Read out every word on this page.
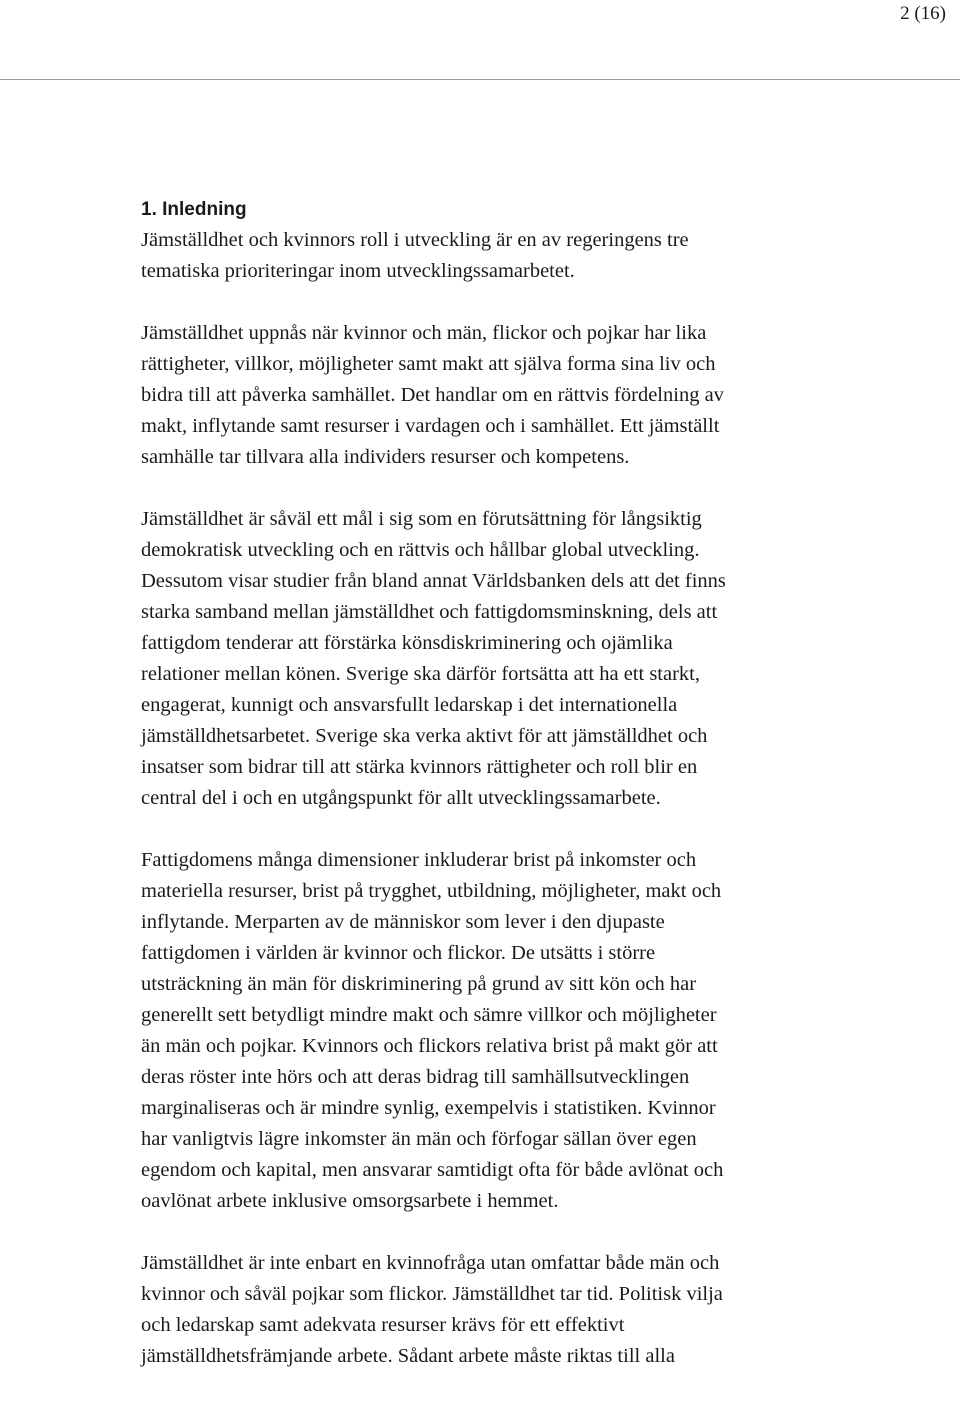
2 (16)
1. Inledning

Jämställdhet och kvinnors roll i utveckling är en av regeringens tre
tematiska prioriteringar inom utvecklingssamarbetet.

Jämställdhet uppnås när kvinnor och män, flickor och pojkar har lika
rättigheter, villkor, möjligheter samt makt att själva forma sina liv och
bidra till att påverka samhället. Det handlar om en rättvis fördelning av
makt, inflytande samt resurser i vardagen och i samhället. Ett jämställt
samhälle tar tillvara alla individers resurser och kompetens.

Jämställdhet är såväl ett mål i sig som en förutsättning för långsiktig
demokratisk utveckling och en rättvis och hållbar global utveckling.
Dessutom visar studier från bland annat Världsbanken dels att det finns
starka samband mellan jämställdhet och fattigdomsminskning, dels att
fattigdom tenderar att förstärka könsdiskriminering och ojämlika
relationer mellan könen. Sverige ska därför fortsätta att ha ett starkt,
engagerat, kunnigt och ansvarsfullt ledarskap i det internationella
jämställdhetsarbetet. Sverige ska verka aktivt för att jämställdhet och
insatser som bidrar till att stärka kvinnors rättigheter och roll blir en
central del i och en utgångspunkt för allt utvecklingssamarbete.

Fattigdomens många dimensioner inkluderar brist på inkomster och
materiella resurser, brist på trygghet, utbildning, möjligheter, makt och
inflytande. Merparten av de människor som lever i den djupaste
fattigdomen i världen är kvinnor och flickor. De utsätts i större
utsträckning än män för diskriminering på grund av sitt kön och har
generellt sett betydligt mindre makt och sämre villkor och möjligheter
än män och pojkar. Kvinnors och flickors relativa brist på makt gör att
deras röster inte hörs och att deras bidrag till samhällsutvecklingen
marginaliseras och är mindre synlig, exempelvis i statistiken. Kvinnor
har vanligtvis lägre inkomster än män och förfogar sällan över egen
egendom och kapital, men ansvarar samtidigt ofta för både avlönat och
oavlönat arbete inklusive omsorgsarbete i hemmet.

Jämställdhet är inte enbart en kvinnofråga utan omfattar både män och
kvinnor och såväl pojkar som flickor. Jämställdhet tar tid. Politisk vilja
och ledarskap samt adekvata resurser krävs för ett effektivt
jämställdhetsfrämjande arbete. Sådant arbete måste riktas till alla
